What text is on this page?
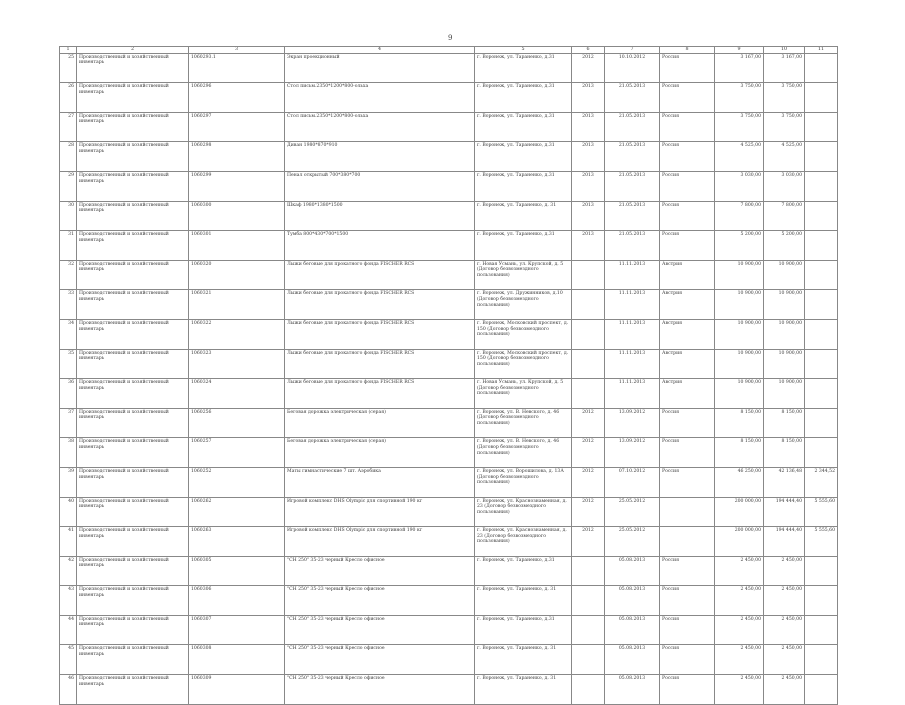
9
1	2	3	4	5	6	7	8	9	10	11
25	Производственный и хозяйственный инвентарь	1060293.1	Экран проекционный	г. Воронеж, ул. Тараненко, д.31	2012	10.10.2012	Россия	3 167,00	3 167,00	
26	Производственный и хозяйственный инвентарь	1060296	Стол письм.2350*1200*800-ольха	г. Воронеж, ул. Тараненко, д.31	2013	21.05.2013	Россия	3 750,00	3 750,00	
27	Производственный и хозяйственный инвентарь	1060297	Стол письм.2350*1200*800-ольха	г. Воронеж, ул. Тараненко, д.31	2013	21.05.2013	Россия	3 750,00	3 750,00	
28	Производственный и хозяйственный инвентарь	1060298	Диван 1980*870*910	г. Воронеж, ул. Тараненко, д.31	2013	21.05.2013	Россия	4 525,00	4 525,00	
29	Производственный и хозяйственный инвентарь	1060299	Пенал открытый 700*380*700	г. Воронеж, ул. Тараненко, д.31	2013	21.05.2013	Россия	3 030,00	3 030,00	
30	Производственный и хозяйственный инвентарь	1060300	Шкаф 1980*1380*1500	г. Воронеж, ул. Тараненко, д. 31	2013	21.05.2013	Россия	7 800,00	7 800,00	
31	Производственный и хозяйственный инвентарь	1060301	Тумба 800*430*700*1500	г. Воронеж, ул. Тараненко, д.31	2013	21.05.2013	Россия	5 200,00	5 200,00	
32	Производственный и хозяйственный инвентарь	1060320	Лыжи беговые для прокатного фонда FISCHER RCS	г. Новая Усмань, ул. Крупской, д. 5 (Договор безвозмездного пользования)		11.11.2013	Австрия	10 900,00	10 900,00	
33	Производственный и хозяйственный инвентарь	1060321	Лыжи беговые для прокатного фонда FISCHER RCS	г. Воронеж, ул. Дружинников, д.10 (Договор безвозмездного пользования)		11.11.2013	Австрия	10 900,00	10 900,00	
34	Производственный и хозяйственный инвентарь	1060322	Лыжи беговые для прокатного фонда FISCHER RCS	г. Воронеж, Московский проспект, д. 150 (Договор безвозмездного пользования)		11.11.2013	Австрия	10 900,00	10 900,00	
35	Производственный и хозяйственный инвентарь	1060323	Лыжи беговые для прокатного фонда FISCHER RCS	г. Воронеж, Московский проспект, д. 150 (Договор безвозмездного пользования)		11.11.2013	Австрия	10 900,00	10 900,00	
36	Производственный и хозяйственный инвентарь	1060324	Лыжи беговые для прокатного фонда FISCHER RCS	г. Новая Усмань, ул. Крупской, д. 5 (Договор безвозмездного пользования)		11.11.2013	Австрия	10 900,00	10 900,00	
37	Производственный и хозяйственный инвентарь	1060256	Беговая дорожка электрическая (серая)	г. Воронеж, ул. В. Невского, д. 46 (Договор безвозмездного пользования)	2012	13.09.2012	Россия	8 150,00	8 150,00	
38	Производственный и хозяйственный инвентарь	1060257	Беговая дорожка электрическая (серая)	г. Воронеж, ул. В. Невского, д. 46 (Договор безвозмездного пользования)	2012	13.09.2012	Россия	8 150,00	8 150,00	
39	Производственный и хозяйственный инвентарь	1060252	Маты гимнастические 7 шт. Аэробика	г. Воронеж, ул. Ворошилова, д. 13А (Договор безвозмездного пользования)	2012	07.10.2012	Россия	46 250,00	42 136,48	2 344,52
40	Производственный и хозяйственный инвентарь	1060262	Игровой комплекс DHS Olympic для спортивной 190 кг	г. Воронеж, ул. Краснознаменная, д. 23 (Договор безвозмездного пользования)	2012	25.05.2012		200 000,00	194 444,40	5 555,60
41	Производственный и хозяйственный инвентарь	1060263	Игровой комплекс DHS Olympic для спортивной 190 кг	г. Воронеж, ул. Краснознаменная, д. 23 (Договор безвозмездного пользования)	2012	25.05.2012		200 000,00	194 444,40	5 555,60
42	Производственный и хозяйственный инвентарь	1060305	"СН 250" 35-23 черный Кресло офисное	г. Воронеж, ул. Тараненко, д.31		05.08.2013	Россия	2 450,00	2 450,00	
43	Производственный и хозяйственный инвентарь	1060306	"СН 250" 35-23 черный Кресло офисное	г. Воронеж, ул. Тараненко, д. 31		05.08.2013	Россия	2 450,00	2 450,00	
44	Производственный и хозяйственный инвентарь	1060307	"СН 250" 35-23 черный Кресло офисное	г. Воронеж, ул. Тараненко, д.31		05.08.2013	Россия	2 450,00	2 450,00	
45	Производственный и хозяйственный инвентарь	1060308	"СН 250" 35-23 черный Кресло офисное	г. Воронеж, ул. Тараненко, д. 31		05.08.2013	Россия	2 450,00	2 450,00	
46	Производственный и хозяйственный инвентарь	1060309	"СН 250" 35-23 черный Кресло офисное	г. Воронеж, ул. Тараненко, д. 31		05.08.2013	Россия	2 450,00	2 450,00	
